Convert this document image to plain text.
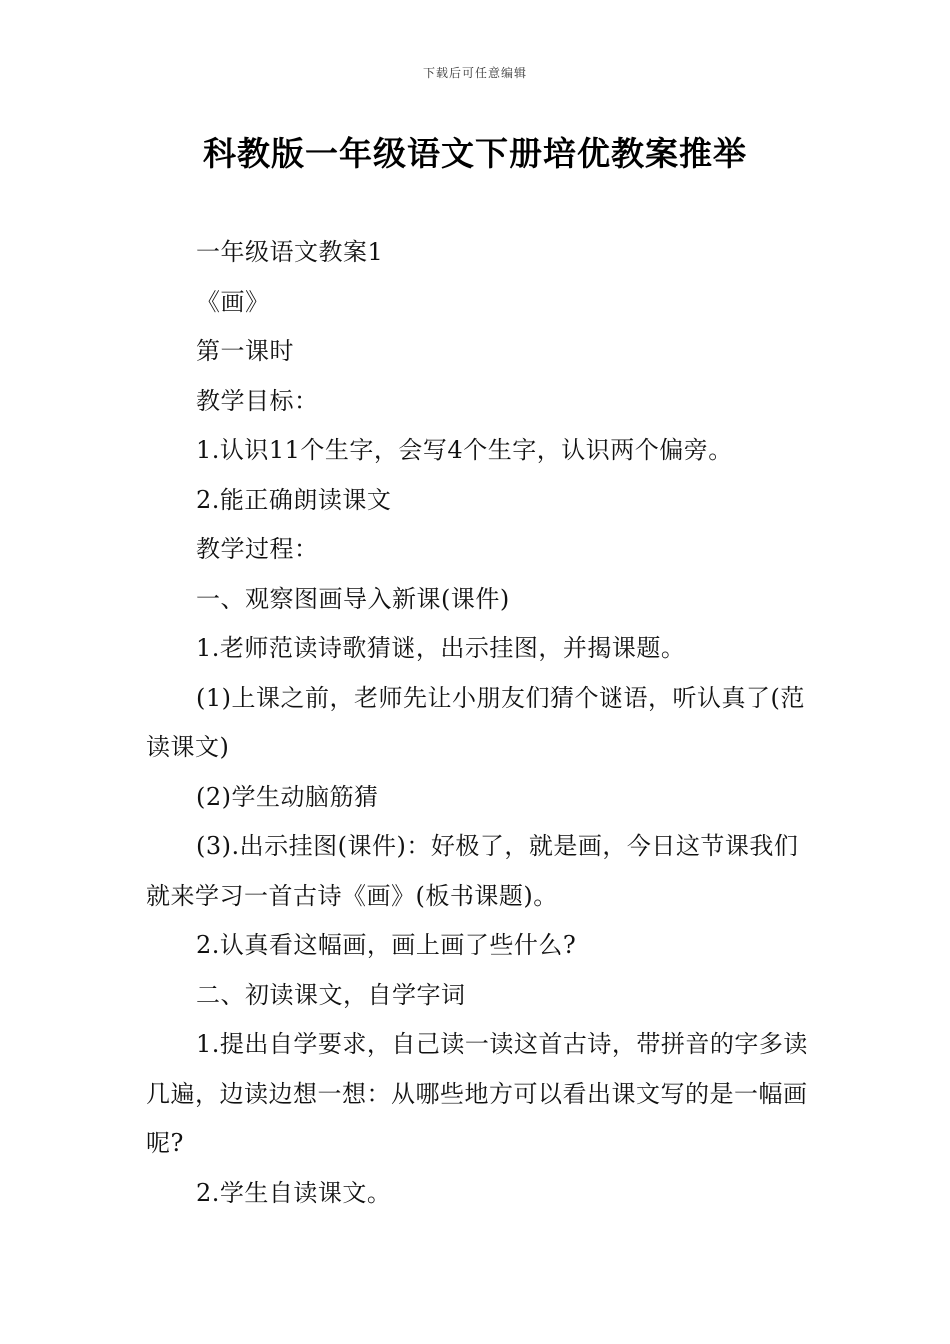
下载后可任意编辑
科教版一年级语文下册培优教案推举

一年级语文教案1

《画》

第一课时

教学目标：

1.认识11个生字，会写4个生字，认识两个偏旁。

2.能正确朗读课文

教学过程：

一、观察图画导入新课(课件)

1.老师范读诗歌猜谜，出示挂图，并揭课题。

(1)上课之前，老师先让小朋友们猜个谜语，听认真了(范读课文)

(2)学生动脑筋猜

(3).出示挂图(课件)：好极了，就是画，今日这节课我们就来学习一首古诗《画》(板书课题)。

2.认真看这幅画，画上画了些什么?

二、初读课文，自学字词

1.提出自学要求，自己读一读这首古诗，带拼音的字多读几遍，边读边想一想：从哪些地方可以看出课文写的是一幅画呢?

2.学生自读课文。
